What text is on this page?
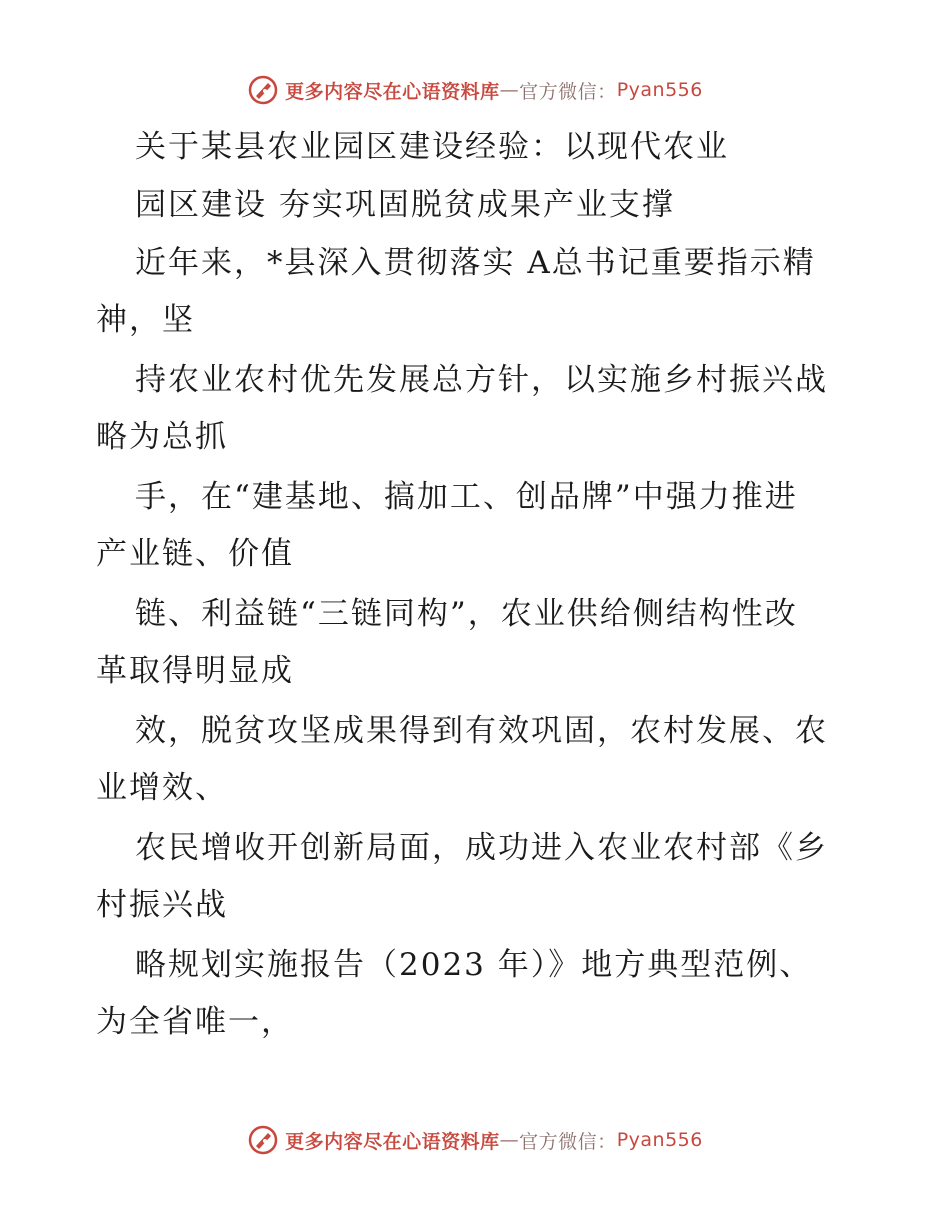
更多内容尽在心语资料库 — 官方微信： Pyan556
关于某县农业园区建设经验：以现代农业
园区建设 夯实巩固脱贫成果产业支撑
近年来，*县深入贯彻落实 A总书记重要指示精
神，坚
持农业农村优先发展总方针，以实施乡村振兴战
略为总抓
手，在“建基地、搞加工、创品牌”中强力推进
产业链、价值
链、利益链“三链同构”，农业供给侧结构性改
革取得明显成
效，脱贫攻坚成果得到有效巩固，农村发展、农
业增效、
农民增收开创新局面，成功进入农业农村部《乡
村振兴战
略规划实施报告（2023 年）》地方典型范例、
为全省唯一，
更多内容尽在心语资料库 — 官方微信： Pyan556
